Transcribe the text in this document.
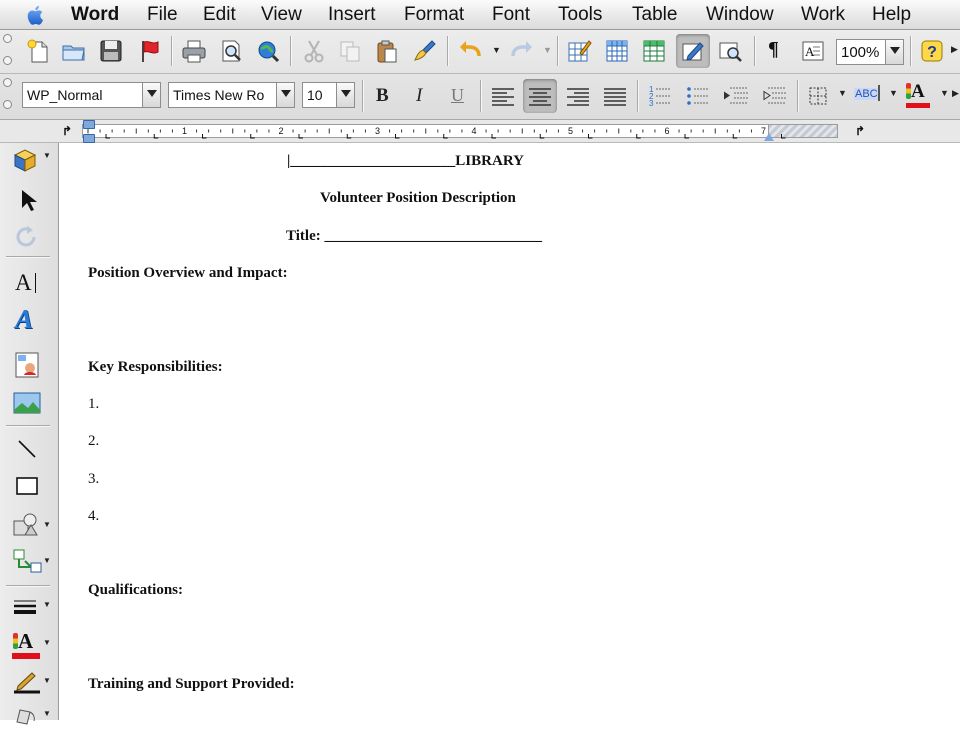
Word File Edit View Insert Format Font Tools Table Window Work Help
▼	▼	¶ A 100%	? ▶
WP_Normal	Times New Ro	10	B I U	1
2
3
▼ ABC ▼ A ▼ ▶
↱	↱
1	2	3	4	5	6	7
▼
A
A
▼
▼
▼
A ▼
▼
▼
|______________________LIBRARY
Volunteer Position Description
Title: _____________________________
Position Overview and Impact:
Key Responsibilities:
1.
2.
3.
4.
Qualifications:
Training and Support Provided:
